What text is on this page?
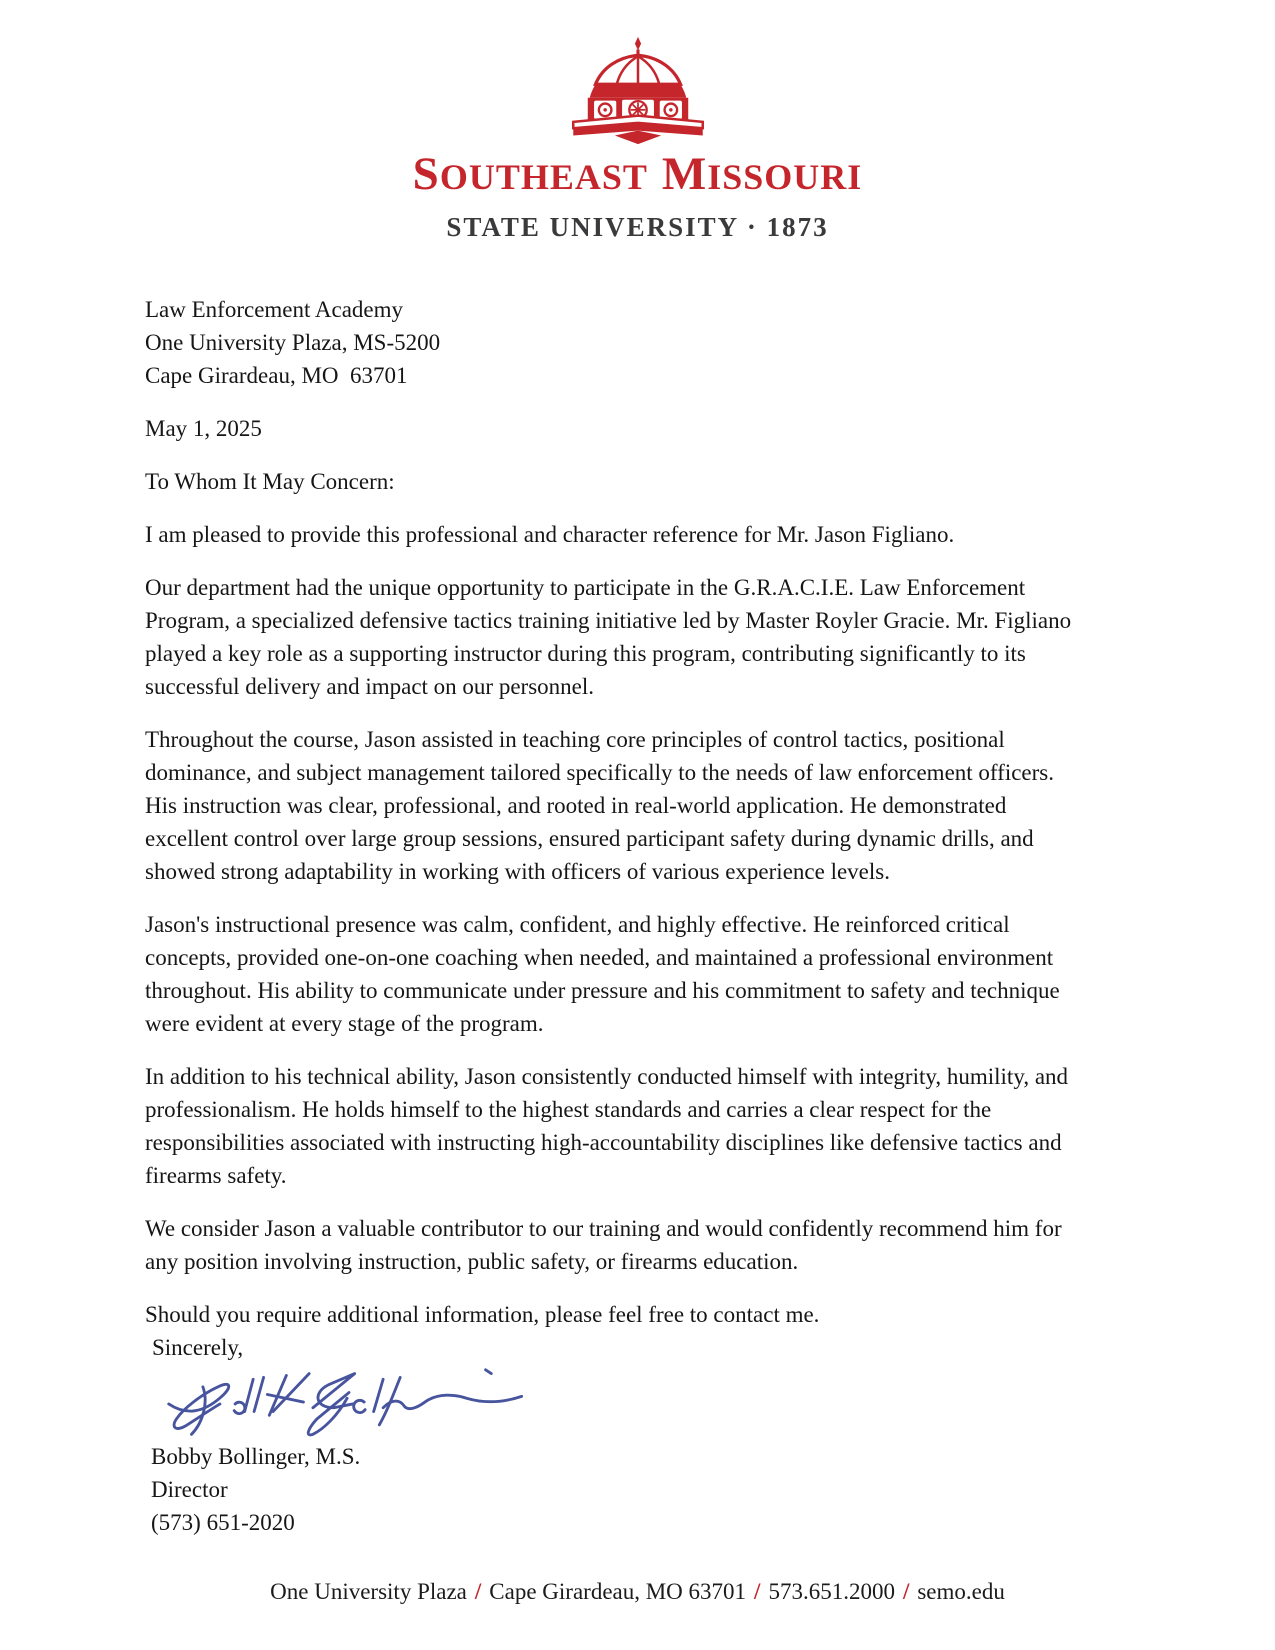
SOUTHEAST MISSOURI
STATE UNIVERSITY · 1873
Law Enforcement Academy
One University Plaza, MS-5200
Cape Girardeau, MO  63701

May 1, 2025

To Whom It May Concern:

I am pleased to provide this professional and character reference for Mr. Jason Figliano.

Our department had the unique opportunity to participate in the G.R.A.C.I.E. Law Enforcement Program, a specialized defensive tactics training initiative led by Master Royler Gracie. Mr. Figliano played a key role as a supporting instructor during this program, contributing significantly to its successful delivery and impact on our personnel.

Throughout the course, Jason assisted in teaching core principles of control tactics, positional dominance, and subject management tailored specifically to the needs of law enforcement officers. His instruction was clear, professional, and rooted in real-world application. He demonstrated excellent control over large group sessions, ensured participant safety during dynamic drills, and showed strong adaptability in working with officers of various experience levels.

Jason's instructional presence was calm, confident, and highly effective. He reinforced critical concepts, provided one-on-one coaching when needed, and maintained a professional environment throughout. His ability to communicate under pressure and his commitment to safety and technique were evident at every stage of the program.

In addition to his technical ability, Jason consistently conducted himself with integrity, humility, and professionalism. He holds himself to the highest standards and carries a clear respect for the responsibilities associated with instructing high-accountability disciplines like defensive tactics and firearms safety.

We consider Jason a valuable contributor to our training and would confidently recommend him for any position involving instruction, public safety, or firearms education.

Should you require additional information, please feel free to contact me.

Sincerely,

Bobby Bollinger, M.S.
Director
(573) 651-2020
One University Plaza / Cape Girardeau, MO 63701 / 573.651.2000 / semo.edu
